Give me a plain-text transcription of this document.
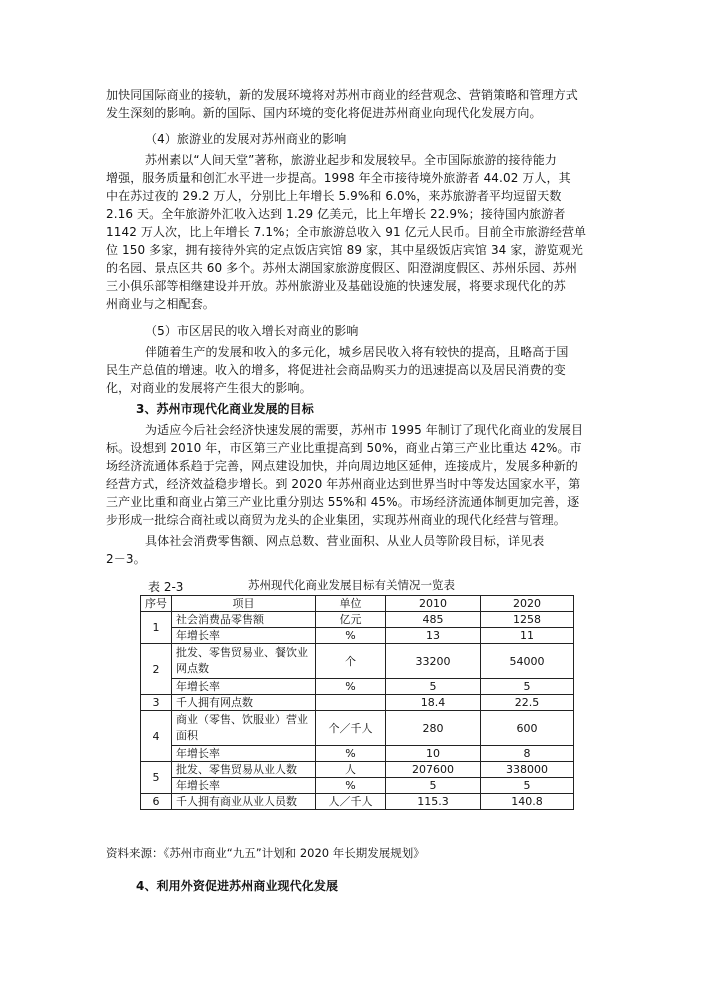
加快同国际商业的接轨，新的发展环境将对苏州市商业的经营观念、营销策略和管理方式
发生深刻的影响。新的国际、国内环境的变化将促进苏州商业向现代化发展方向。
（4）旅游业的发展对苏州商业的影响
苏州素以“人间天堂”著称，旅游业起步和发展较早。全市国际旅游的接待能力
增强，服务质量和创汇水平进一步提高。1998 年全市接待境外旅游者 44.02 万人，其
中在苏过夜的 29.2 万人，分别比上年增长 5.9%和 6.0%，来苏旅游者平均逗留天数
2.16 天。全年旅游外汇收入达到 1.29 亿美元，比上年增长 22.9%；接待国内旅游者
1142 万人次，比上年增长 7.1%；全市旅游总收入 91 亿元人民币。目前全市旅游经营单
位 150 多家，拥有接待外宾的定点饭店宾馆 89 家，其中星级饭店宾馆 34 家，游览观光
的名园、景点区共 60 多个。苏州太湖国家旅游度假区、阳澄湖度假区、苏州乐园、苏州
三小俱乐部等相继建设并开放。苏州旅游业及基础设施的快速发展，将要求现代化的苏
州商业与之相配套。
（5）市区居民的收入增长对商业的影响
伴随着生产的发展和收入的多元化，城乡居民收入将有较快的提高，且略高于国
民生产总值的增速。收入的增多，将促进社会商品购买力的迅速提高以及居民消费的变
化，对商业的发展将产生很大的影响。
3、苏州市现代化商业发展的目标
为适应今后社会经济快速发展的需要，苏州市 1995 年制订了现代化商业的发展目
标。设想到 2010 年，市区第三产业比重提高到 50%，商业占第三产业比重达 42%。市
场经济流通体系趋于完善，网点建设加快，并向周边地区延伸，连接成片，发展多种新的
经营方式，经济效益稳步增长。到 2020 年苏州商业达到世界当时中等发达国家水平，第
三产业比重和商业占第三产业比重分别达 55%和 45%。市场经济流通体制更加完善，逐
步形成一批综合商社或以商贸为龙头的企业集团，实现苏州商业的现代化经营与管理。
具体社会消费零售额、网点总数、营业面积、从业人员等阶段目标，详见表
2－3。
表 2-3	苏州现代化商业发展目标有关情况一览表
序号	项目	单位	2010	2020
1	社会消费品零售额	亿元	485	1258
	年增长率	%	13	11
2	批发、零售贸易业、餐饮业网点数	个	33200	54000
	年增长率	%	5	5
3	千人拥有网点数		18.4	22.5
4	商业（零售、饮服业）营业面积	个／千人	280	600
	年增长率	%	10	8
5	批发、零售贸易从业人数	人	207600	338000
	年增长率	%	5	5
6	千人拥有商业从业人员数	人／千人	115.3	140.8
资料来源：《苏州市商业“九五”计划和 2020 年长期发展规划》
4、利用外资促进苏州商业现代化发展
